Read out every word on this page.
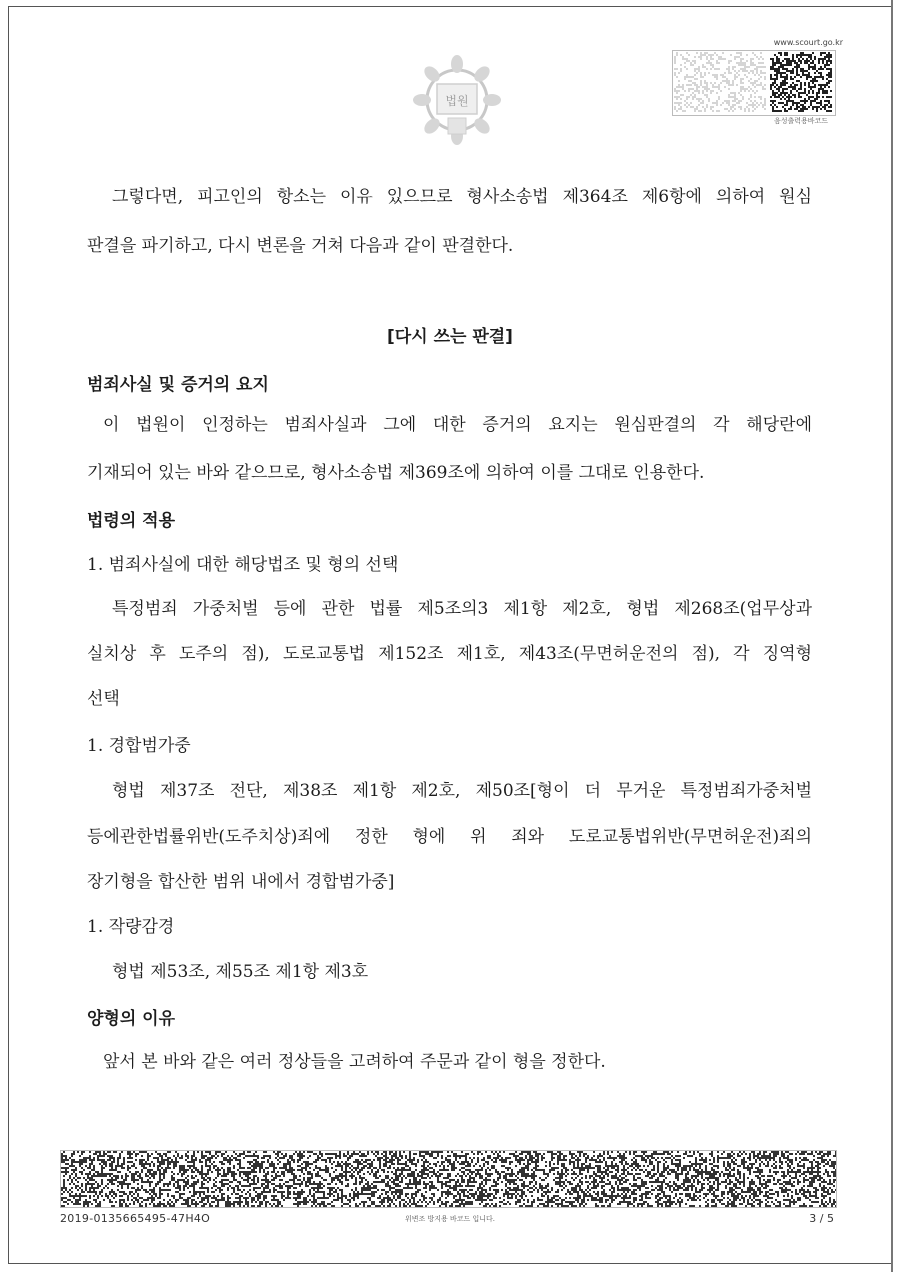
법원
www.scourt.go.kr
음성출력용바코드
그렇다면, 피고인의 항소는 이유 있으므로 형사소송법 제364조 제6항에 의하여 원심
판결을 파기하고, 다시 변론을 거쳐 다음과 같이 판결한다.
[다시 쓰는 판결]
범죄사실 및 증거의 요지
이 법원이 인정하는 범죄사실과 그에 대한 증거의 요지는 원심판결의 각 해당란에
기재되어 있는 바와 같으므로, 형사소송법 제369조에 의하여 이를 그대로 인용한다.
법령의 적용
1. 범죄사실에 대한 해당법조 및 형의 선택
특정범죄 가중처벌 등에 관한 법률 제5조의3 제1항 제2호, 형법 제268조(업무상과
실치상 후 도주의 점), 도로교통법 제152조 제1호, 제43조(무면허운전의 점), 각 징역형
선택
1. 경합범가중
형법 제37조 전단, 제38조 제1항 제2호, 제50조[형이 더 무거운 특정범죄가중처벌
등에관한법률위반(도주치상)죄에 정한 형에 위 죄와 도로교통법위반(무면허운전)죄의
장기형을 합산한 범위 내에서 경합범가중]
1. 작량감경
형법 제53조, 제55조 제1항 제3호
양형의 이유
앞서 본 바와 같은 여러 정상들을 고려하여 주문과 같이 형을 정한다.
2019-0135665495-47H4O	위변조 방지용 바코드 입니다.	3 / 5
